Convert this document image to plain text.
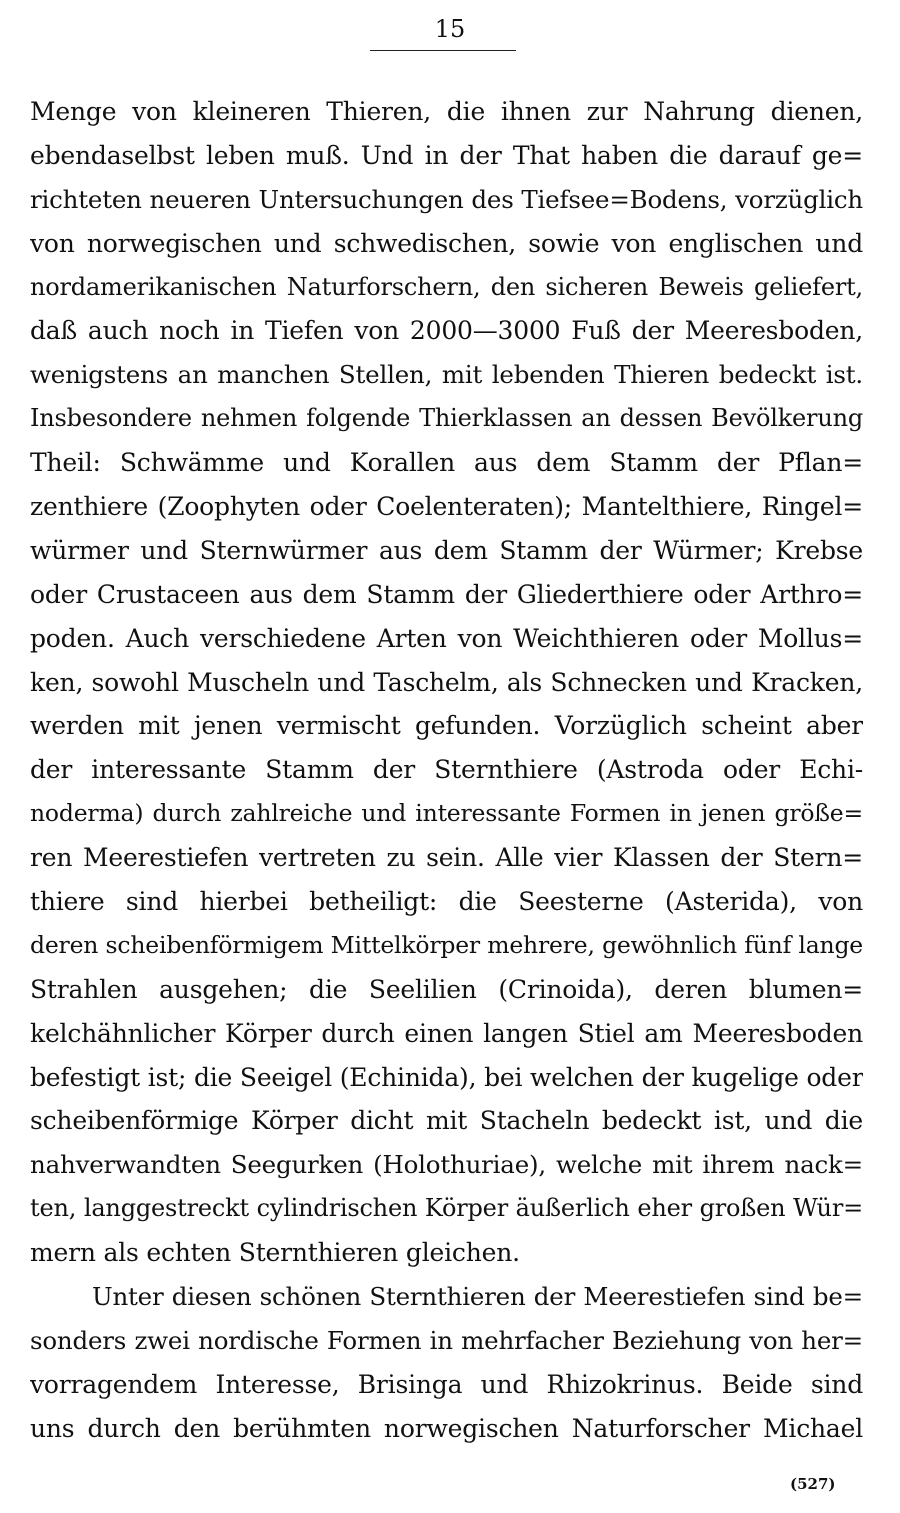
15
Menge von kleineren Thieren, die ihnen zur Nahrung dienen,
ebendaselbst leben muß. Und in der That haben die darauf ge=
richteten neueren Untersuchungen des Tiefsee=Bodens, vorzüglich
von norwegischen und schwedischen, sowie von englischen und
nordamerikanischen Naturforschern, den sicheren Beweis geliefert,
daß auch noch in Tiefen von 2000—3000 Fuß der Meeresboden,
wenigstens an manchen Stellen, mit lebenden Thieren bedeckt ist.
Insbesondere nehmen folgende Thierklassen an dessen Bevölkerung
Theil: Schwämme und Korallen aus dem Stamm der Pflan=
zenthiere (Zoophyten oder Coelenteraten); Mantelthiere, Ringel=
würmer und Sternwürmer aus dem Stamm der Würmer; Krebse
oder Crustaceen aus dem Stamm der Gliederthiere oder Arthro=
poden. Auch verschiedene Arten von Weichthieren oder Mollus=
ken, sowohl Muscheln und Taschelm, als Schnecken und Kracken,
werden mit jenen vermischt gefunden. Vorzüglich scheint aber
der interessante Stamm der Sternthiere (Astroda oder Echi-
noderma) durch zahlreiche und interessante Formen in jenen größe=
ren Meerestiefen vertreten zu sein. Alle vier Klassen der Stern=
thiere sind hierbei betheiligt: die Seesterne (Asterida), von
deren scheibenförmigem Mittelkörper mehrere, gewöhnlich fünf lange
Strahlen ausgehen; die Seelilien (Crinoida), deren blumen=
kelchähnlicher Körper durch einen langen Stiel am Meeresboden
befestigt ist; die Seeigel (Echinida), bei welchen der kugelige oder
scheibenförmige Körper dicht mit Stacheln bedeckt ist, und die
nahverwandten Seegurken (Holothuriae), welche mit ihrem nack=
ten, langgestreckt cylindrischen Körper äußerlich eher großen Wür=
mern als echten Sternthieren gleichen.
Unter diesen schönen Sternthieren der Meerestiefen sind be=
sonders zwei nordische Formen in mehrfacher Beziehung von her=
vorragendem Interesse, Brisinga und Rhizokrinus. Beide sind
uns durch den berühmten norwegischen Naturforscher Michael
(527)
